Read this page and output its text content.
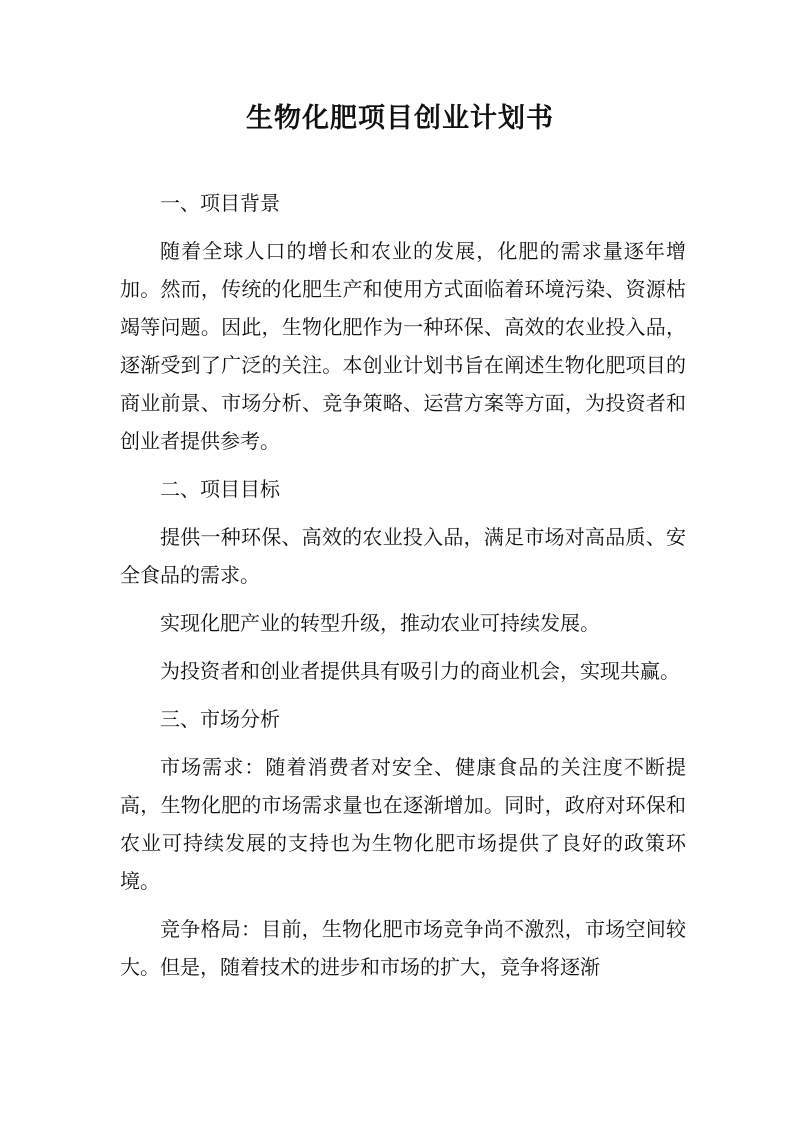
生物化肥项目创业计划书

一、项目背景

随着全球人口的增长和农业的发展，化肥的需求量逐年增加。然而，传统的化肥生产和使用方式面临着环境污染、资源枯竭等问题。因此，生物化肥作为一种环保、高效的农业投入品，逐渐受到了广泛的关注。本创业计划书旨在阐述生物化肥项目的商业前景、市场分析、竞争策略、运营方案等方面，为投资者和创业者提供参考。

二、项目目标

提供一种环保、高效的农业投入品，满足市场对高品质、安全食品的需求。

实现化肥产业的转型升级，推动农业可持续发展。

为投资者和创业者提供具有吸引力的商业机会，实现共赢。

三、市场分析

市场需求：随着消费者对安全、健康食品的关注度不断提高，生物化肥的市场需求量也在逐渐增加。同时，政府对环保和农业可持续发展的支持也为生物化肥市场提供了良好的政策环境。

竞争格局：目前，生物化肥市场竞争尚不激烈，市场空间较大。但是，随着技术的进步和市场的扩大，竞争将逐渐
